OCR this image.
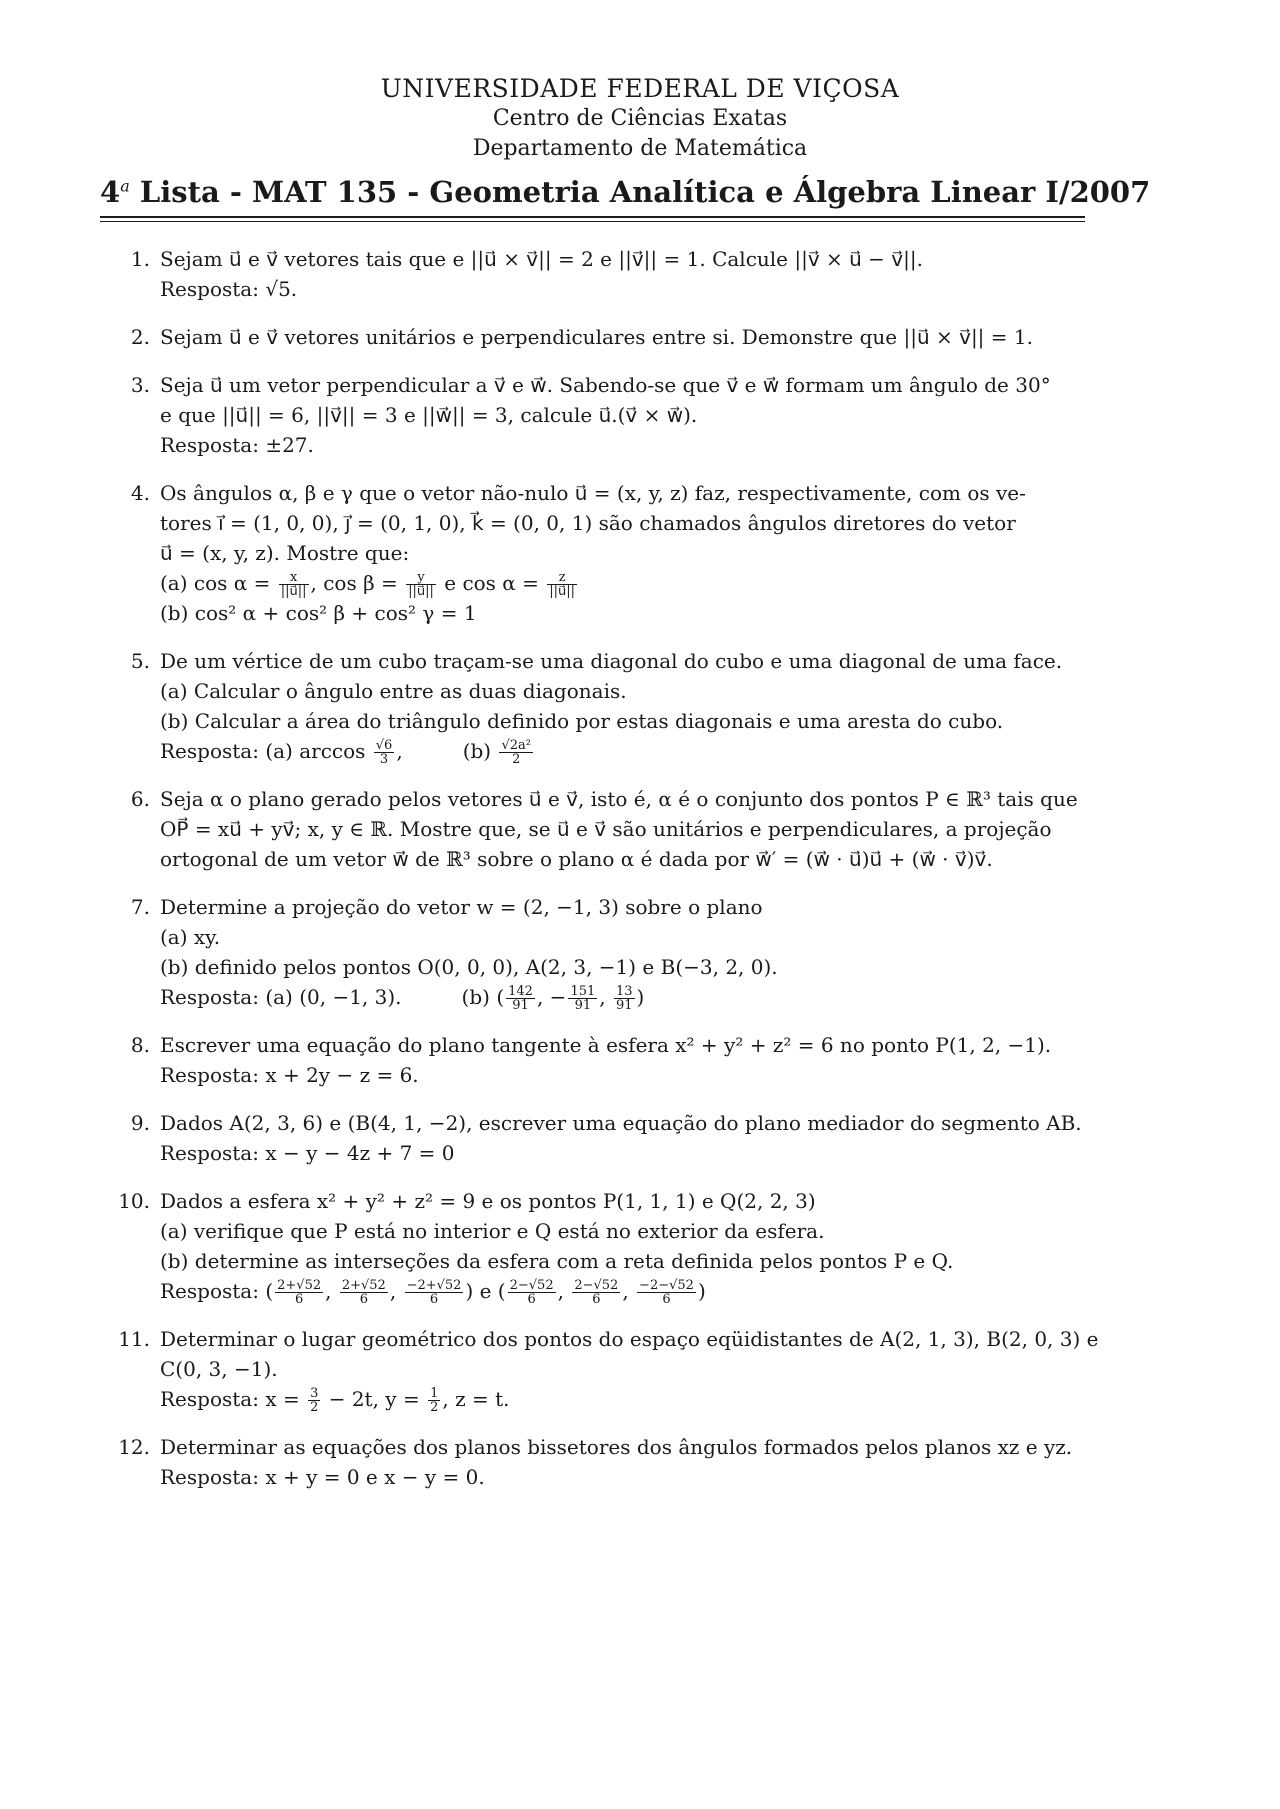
UNIVERSIDADE FEDERAL DE VIÇOSA
Centro de Ciências Exatas
Departamento de Matemática
4$^a$ Lista - MAT 135 - Geometria Analítica e Álgebra Linear I/2007
1. Sejam u⃗ e v⃗ vetores tais que e ||u⃗ × v⃗|| = 2 e ||v⃗|| = 1. Calcule ||v⃗ × u⃗ − v⃗||.
Resposta: √5.
2. Sejam u⃗ e v⃗ vetores unitários e perpendiculares entre si. Demonstre que ||u⃗ × v⃗|| = 1.
3. Seja u⃗ um vetor perpendicular a v⃗ e w⃗. Sabendo-se que v⃗ e w⃗ formam um ângulo de 30°
e que ||u⃗|| = 6, ||v⃗|| = 3 e ||w⃗|| = 3, calcule u⃗.(v⃗ × w⃗).
Resposta: ±27.
4. Os ângulos α, β e γ que o vetor não-nulo u⃗ = (x, y, z) faz, respectivamente, com os ve-
tores i⃗ = (1, 0, 0), j⃗ = (0, 1, 0), k⃗ = (0, 0, 1) são chamados ângulos diretores do vetor
u⃗ = (x, y, z). Mostre que:
(a) $\cos \alpha = \frac{x}{||u⃗||}$ , $\cos \beta = \frac{y}{||u⃗||}$ e $\cos \alpha = \frac{z}{||u⃗||}$
(b) cos² α + cos² β + cos² γ = 1
5. De um vértice de um cubo traçam-se uma diagonal do cubo e uma diagonal de uma face.
(a) Calcular o ângulo entre as duas diagonais.
(b) Calcular a área do triângulo definido por estas diagonais e uma aresta do cubo.
Resposta: (a) $\arccos \frac{√6}{3}$ ,	$(b) \frac{\text{√2a²}}{2}$
6. Seja α o plano gerado pelos vetores u⃗ e v⃗, isto é, α é o conjunto dos pontos P ∈ ℝ³ tais que
OP⃗ = xu⃗ + yv⃗; x, y ∈ ℝ. Mostre que, se u⃗ e v⃗ são unitários e perpendiculares, a projeção
ortogonal de um vetor w⃗ de ℝ³ sobre o plano α é dada por w⃗′ = (w⃗ · u⃗)u⃗ + (w⃗ · v⃗)v⃗.
7. Determine a projeção do vetor w = (2, −1, 3) sobre o plano
(a) xy.
(b) definido pelos pontos O(0, 0, 0), A(2, 3, −1) e B(−3, 2, 0).
Resposta: (a) (0, −1, 3).	(b) ( $\frac{142}{91}$ , − $\frac{151}{91}$ , $\frac{13}{91}$ )
8. Escrever uma equação do plano tangente à esfera x² + y² + z² = 6 no ponto P(1, 2, −1).
Resposta: x + 2y − z = 6.
9. Dados A(2, 3, 6) e (B(4, 1, −2), escrever uma equação do plano mediador do segmento AB.
Resposta: x − y − 4z + 7 = 0
10. Dados a esfera x² + y² + z² = 9 e os pontos P(1, 1, 1) e Q(2, 2, 3)
(a) verifique que P está no interior e Q está no exterior da esfera.
(b) determine as interseções da esfera com a reta definida pelos pontos P e Q.
Resposta: ( $\frac{2+√52}{6}$ , $\frac{2+√52}{6}$ , $\frac{-2+√52}{6}$ ) e ( $\frac{2-√52}{6}$ , $\frac{2-√52}{6}$ , $\frac{-2-√52}{6}$ )
11. Determinar o lugar geométrico dos pontos do espaço eqüidistantes de A(2, 1, 3), B(2, 0, 3) e
C(0, 3, −1).
Resposta: $x = \frac{3}{2} - 2t$, $y = \frac{1}{2}$ , z = t.
12. Determinar as equações dos planos bissetores dos ângulos formados pelos planos xz e yz.
Resposta: x + y = 0 e x − y = 0.
